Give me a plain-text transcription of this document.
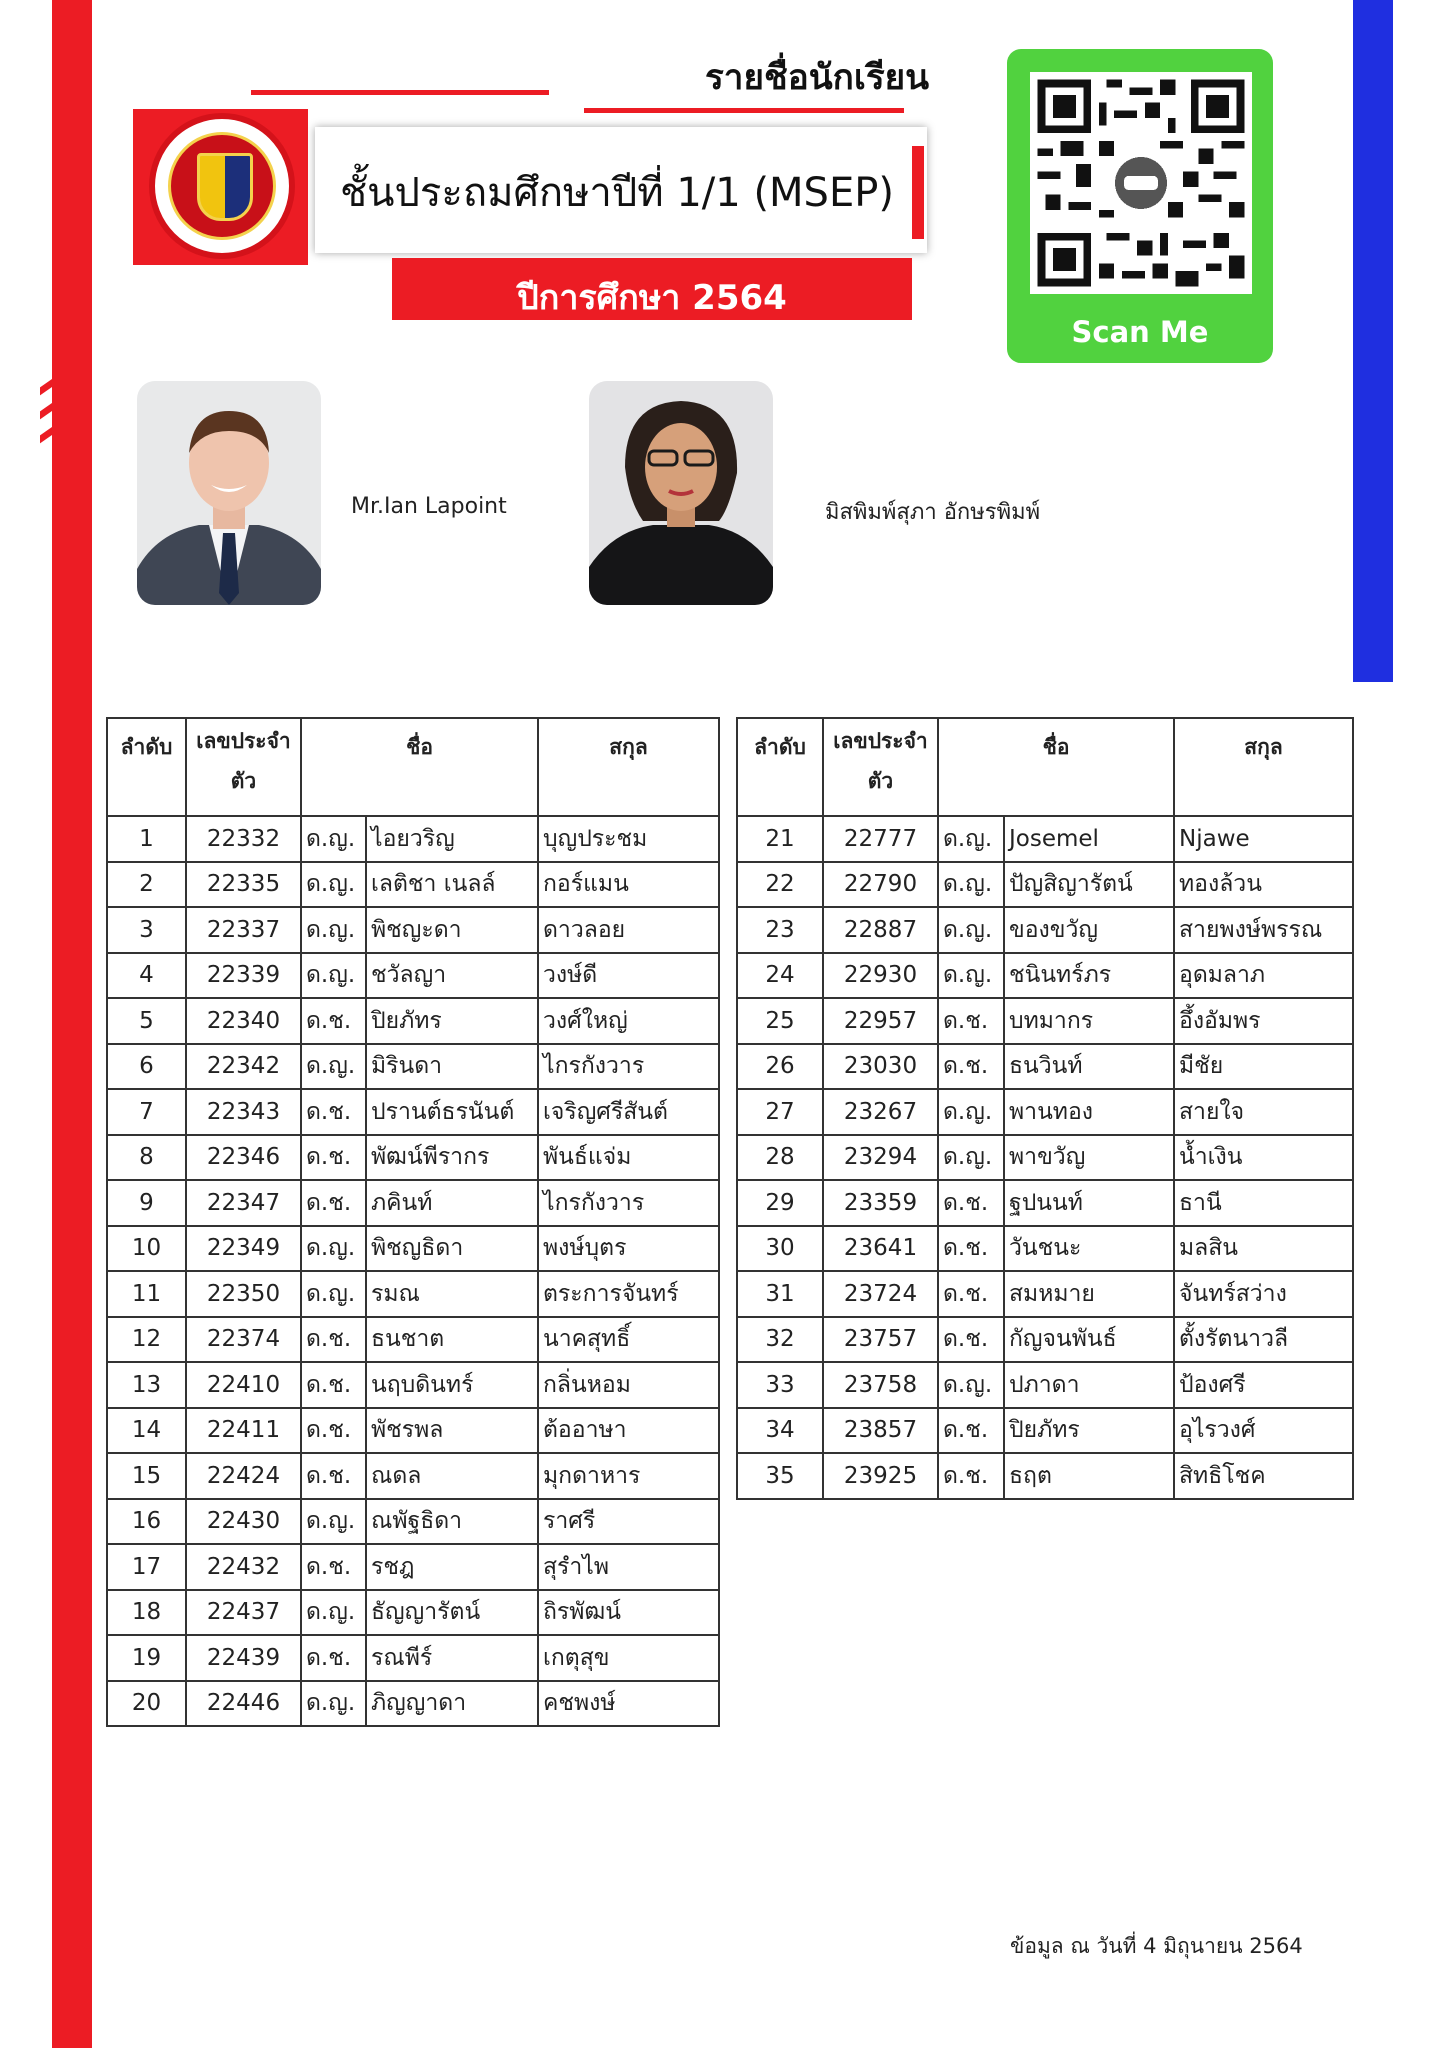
รายชื่อนักเรียน
ชั้นประถมศึกษาปีที่ 1/1 (MSEP)
ปีการศึกษา 2564
Scan Me
Mr.Ian Lapoint	มิสพิมพ์สุภา อักษรพิมพ์
ลำดับ	เลขประจำตัว	ชื่อ		สกุล
1	22332	ด.ญ.	ไอยวริญ	บุญประชม
2	22335	ด.ญ.	เลติชา เนลล์	กอร์แมน
3	22337	ด.ญ.	พิชญะดา	ดาวลอย
4	22339	ด.ญ.	ชวัลญา	วงษ์ดี
5	22340	ด.ช.	ปิยภัทร	วงศ์ใหญ่
6	22342	ด.ญ.	มิรินดา	ไกรกังวาร
7	22343	ด.ช.	ปรานต์ธรนันต์	เจริญศรีสันต์
8	22346	ด.ช.	พัฒน์พีรากร	พันธ์แจ่ม
9	22347	ด.ช.	ภคินท์	ไกรกังวาร
10	22349	ด.ญ.	พิชญธิดา	พงษ์บุตร
11	22350	ด.ญ.	รมณ	ตระการจันทร์
12	22374	ด.ช.	ธนชาต	นาคสุทธิ์
13	22410	ด.ช.	นฤบดินทร์	กลิ่นหอม
14	22411	ด.ช.	พัชรพล	ต้ออาษา
15	22424	ด.ช.	ณดล	มุกดาหาร
16	22430	ด.ญ.	ณพัฐธิดา	ราศรี
17	22432	ด.ช.	รชฎ	สุรำไพ
18	22437	ด.ญ.	ธัญญารัตน์	ถิรพัฒน์
19	22439	ด.ช.	รณพีร์	เกตุสุข
20	22446	ด.ญ.	ภิญญาดา	คชพงษ์
ลำดับ	เลขประจำตัว	ชื่อ		สกุล
21	22777	ด.ญ.	Josemel	Njawe
22	22790	ด.ญ.	ปัญสิญารัตน์	ทองล้วน
23	22887	ด.ญ.	ของขวัญ	สายพงษ์พรรณ
24	22930	ด.ญ.	ชนินทร์ภร	อุดมลาภ
25	22957	ด.ช.	บทมากร	อึ้งอัมพร
26	23030	ด.ช.	ธนวินท์	มีชัย
27	23267	ด.ญ.	พานทอง	สายใจ
28	23294	ด.ญ.	พาขวัญ	น้ำเงิน
29	23359	ด.ช.	ฐปนนท์	ธานี
30	23641	ด.ช.	วันชนะ	มลสิน
31	23724	ด.ช.	สมหมาย	จันทร์สว่าง
32	23757	ด.ช.	กัญจนพันธ์	ตั้งรัตนาวลี
33	23758	ด.ญ.	ปภาดา	ป้องศรี
34	23857	ด.ช.	ปิยภัทร	อุไรวงศ์
35	23925	ด.ช.	ธฤต	สิทธิโชค
ข้อมูล ณ วันที่ 4 มิถุนายน 2564
